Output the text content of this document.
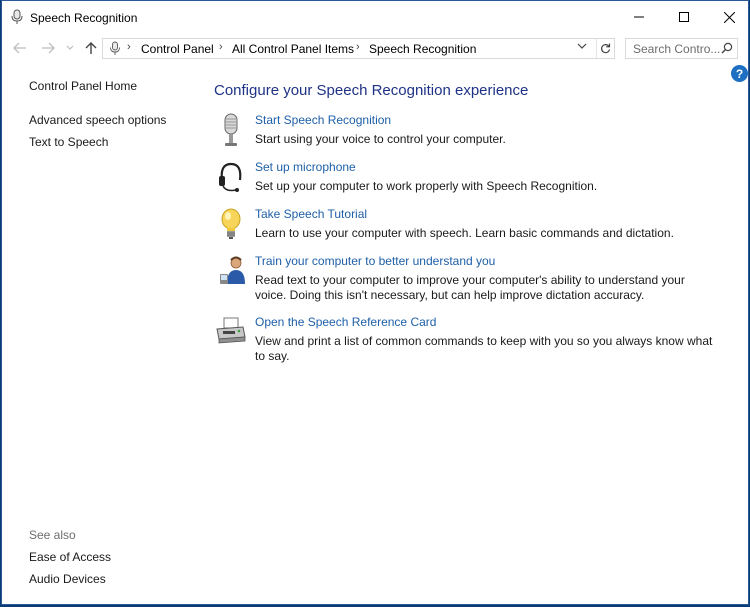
Speech Recognition
› Control Panel › All Control Panel Items › Speech Recognition	Search Contro...
?
Control Panel Home
Advanced speech options
Text to Speech
See also
Ease of Access
Audio Devices
Configure your Speech Recognition experience
Start Speech Recognition
Start using your voice to control your computer.
Set up microphone
Set up your computer to work properly with Speech Recognition.
Take Speech Tutorial
Learn to use your computer with speech. Learn basic commands and dictation.
Train your computer to better understand you
Read text to your computer to improve your computer's ability to understand your voice. Doing this isn't necessary, but can help improve dictation accuracy.
Open the Speech Reference Card
View and print a list of common commands to keep with you so you always know what to say.
